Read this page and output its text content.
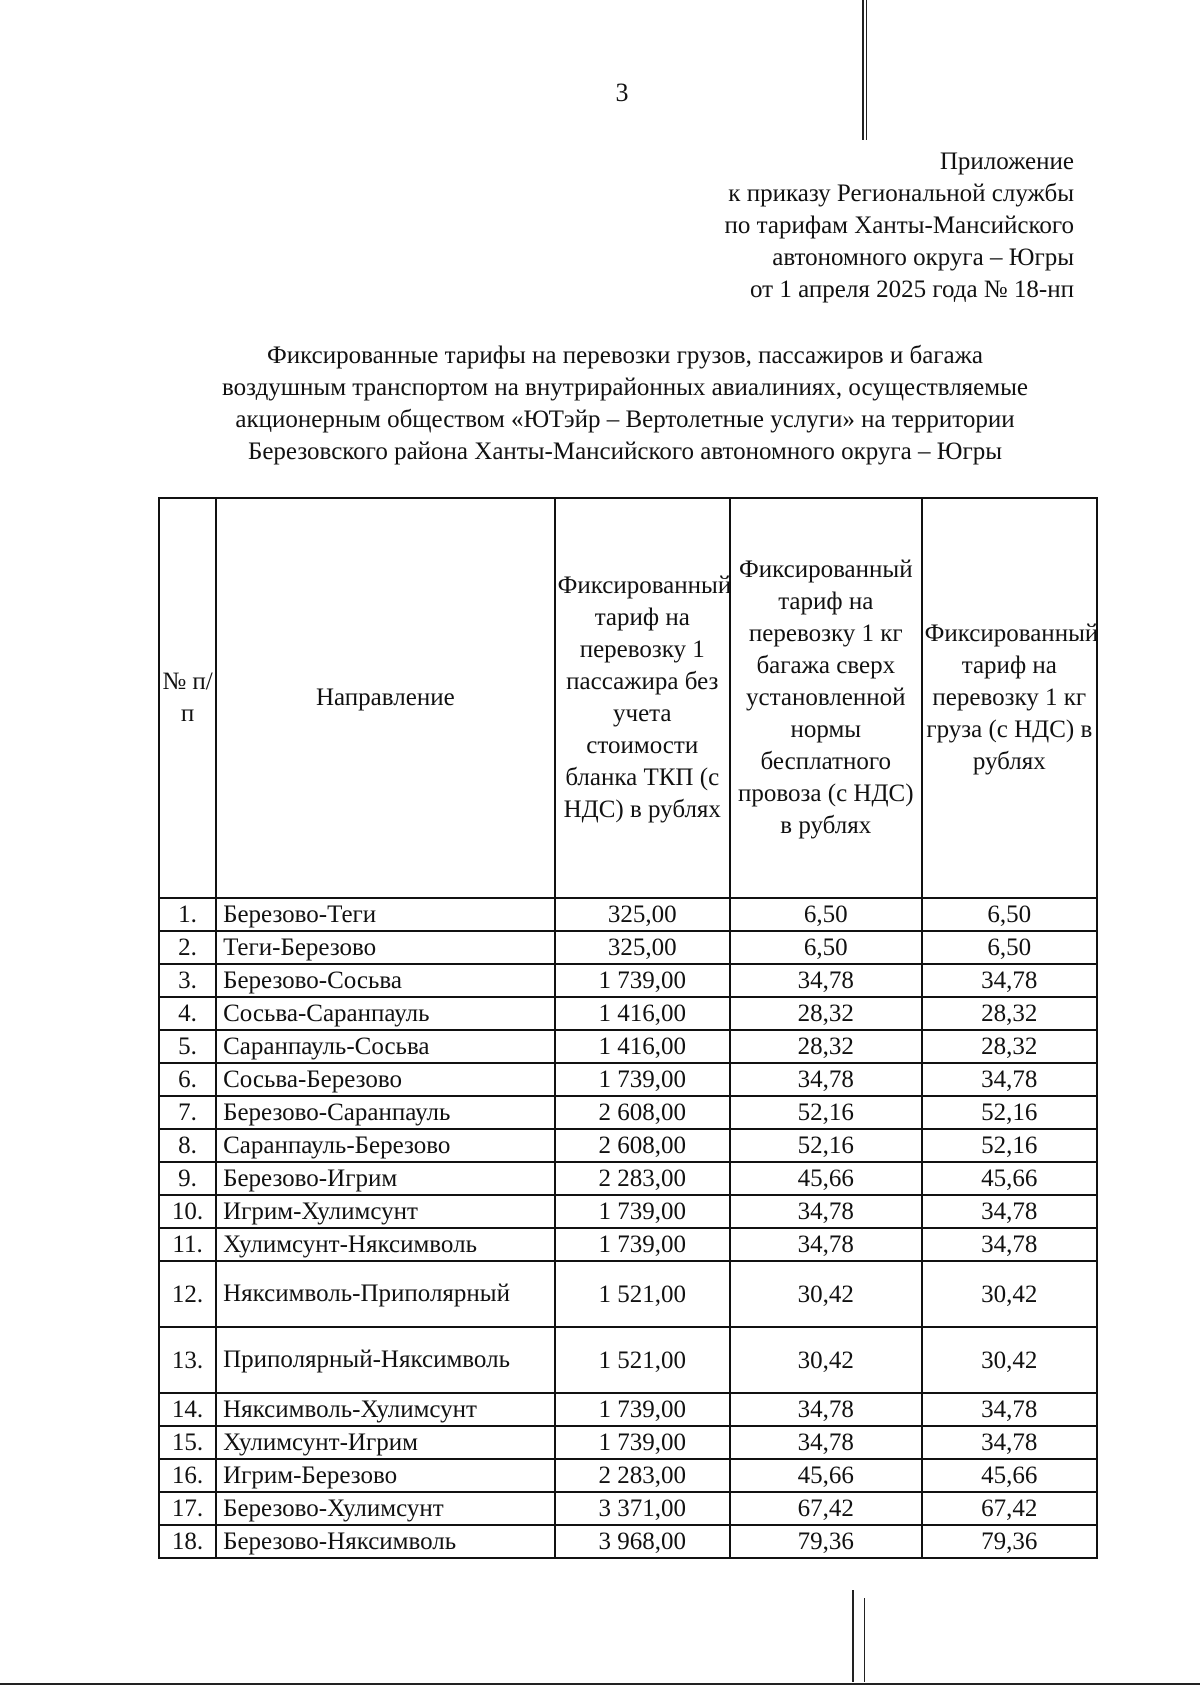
3
Приложение
к приказу Региональной службы
по тарифам Ханты-Мансийского
автономного округа – Югры
от 1 апреля 2025 года № 18-нп
Фиксированные тарифы на перевозки грузов, пассажиров и багажа
воздушным транспортом на внутрирайонных авиалиниях, осуществляемые
акционерным обществом «ЮТэйр – Вертолетные услуги» на территории
Березовского района Ханты-Мансийского автономного округа – Югры
№ п/п	Направление	Фиксированный тариф на перевозку 1 пассажира без учета стоимости бланка ТКП (с НДС) в рублях	Фиксированный тариф на перевозку 1 кг багажа сверх установленной нормы бесплатного провоза (с НДС) в рублях	Фиксированный тариф на перевозку 1 кг груза (с НДС) в рублях
1.	Березово-Теги	325,00	6,50	6,50
2.	Теги-Березово	325,00	6,50	6,50
3.	Березово-Сосьва	1 739,00	34,78	34,78
4.	Сосьва-Саранпауль	1 416,00	28,32	28,32
5.	Саранпауль-Сосьва	1 416,00	28,32	28,32
6.	Сосьва-Березово	1 739,00	34,78	34,78
7.	Березово-Саранпауль	2 608,00	52,16	52,16
8.	Саранпауль-Березово	2 608,00	52,16	52,16
9.	Березово-Игрим	2 283,00	45,66	45,66
10.	Игрим-Хулимсунт	1 739,00	34,78	34,78
11.	Хулимсунт-Няксимволь	1 739,00	34,78	34,78
12.	Няксимволь-Приполярный	1 521,00	30,42	30,42
13.	Приполярный-Няксимволь	1 521,00	30,42	30,42
14.	Няксимволь-Хулимсунт	1 739,00	34,78	34,78
15.	Хулимсунт-Игрим	1 739,00	34,78	34,78
16.	Игрим-Березово	2 283,00	45,66	45,66
17.	Березово-Хулимсунт	3 371,00	67,42	67,42
18.	Березово-Няксимволь	3 968,00	79,36	79,36
